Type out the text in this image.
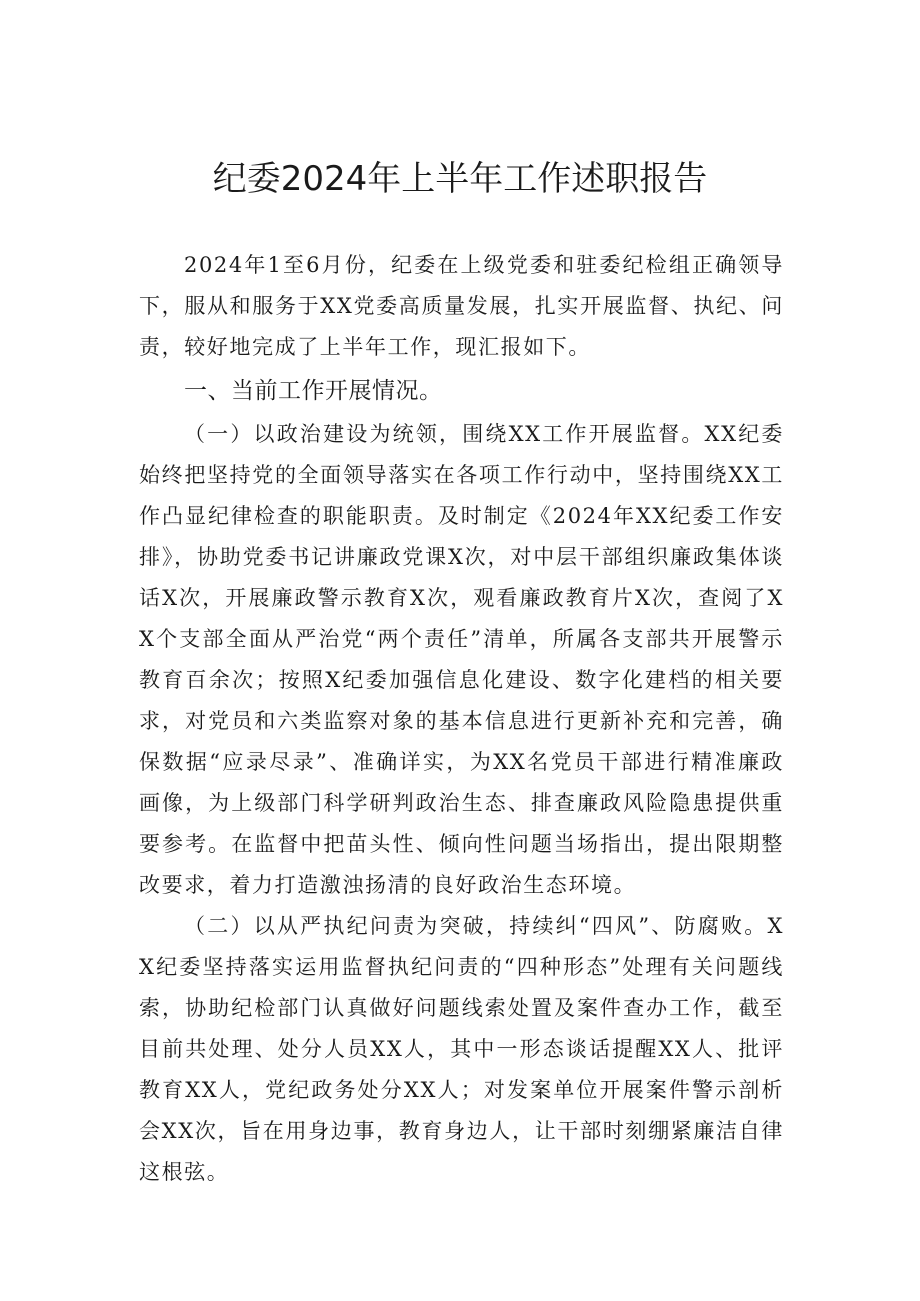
纪委2024年上半年工作述职报告

2024年1至6月份，纪委在上级党委和驻委纪检组正确领导下，服从和服务于XX党委高质量发展，扎实开展监督、执纪、问责，较好地完成了上半年工作，现汇报如下。

一、当前工作开展情况。

（一）以政治建设为统领，围绕XX工作开展监督。XX纪委始终把坚持党的全面领导落实在各项工作行动中，坚持围绕XX工作凸显纪律检查的职能职责。及时制定《2024年XX纪委工作安排》，协助党委书记讲廉政党课X次，对中层干部组织廉政集体谈话X次，开展廉政警示教育X次，观看廉政教育片X次，查阅了XX个支部全面从严治党“两个责任”清单，所属各支部共开展警示教育百余次；按照X纪委加强信息化建设、数字化建档的相关要求，对党员和六类监察对象的基本信息进行更新补充和完善，确保数据“应录尽录”、准确详实，为XX名党员干部进行精准廉政画像，为上级部门科学研判政治生态、排查廉政风险隐患提供重要参考。在监督中把苗头性、倾向性问题当场指出，提出限期整改要求，着力打造激浊扬清的良好政治生态环境。

（二）以从严执纪问责为突破，持续纠“四风”、防腐败。XX纪委坚持落实运用监督执纪问责的“四种形态”处理有关问题线索，协助纪检部门认真做好问题线索处置及案件查办工作，截至目前共处理、处分人员XX人，其中一形态谈话提醒XX人、批评教育XX人，党纪政务处分XX人；对发案单位开展案件警示剖析会XX次，旨在用身边事，教育身边人，让干部时刻绷紧廉洁自律这根弦。
